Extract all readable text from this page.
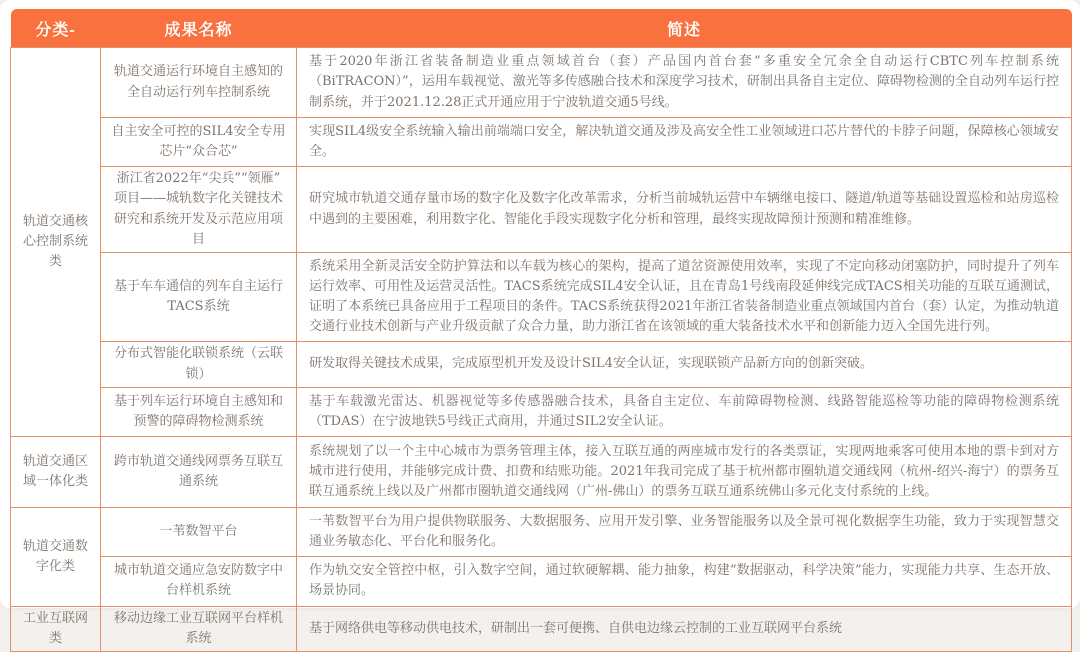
分类-	成果名称	简述
轨道交通核心控制系统类	轨道交通运行环境自主感知的全自动运行列车控制系统	基于2020年浙江省装备制造业重点领域首台（套）产品国内首台套“多重安全冗余全自动运行CBTC列车控制系统（BiTRACON）”，运用车载视觉、激光等多传感融合技术和深度学习技术，研制出具备自主定位、障碍物检测的全自动列车运行控制系统，并于2021.12.28正式开通应用于宁波轨道交通5号线。
	自主安全可控的SIL4安全专用芯片“众合芯”	实现SIL4级安全系统输入输出前端端口安全，解决轨道交通及涉及高安全性工业领域进口芯片替代的卡脖子问题，保障核心领域安全。
	浙江省2022年“尖兵”“领雁”项目——城轨数字化关键技术研究和系统开发及示范应用项目	研究城市轨道交通存量市场的数字化及数字化改革需求，分析当前城轨运营中车辆继电接口、隧道/轨道等基础设置巡检和站房巡检中遇到的主要困难，利用数字化、智能化手段实现数字化分析和管理，最终实现故障预计预测和精准维修。
	基于车车通信的列车自主运行TACS系统	系统采用全新灵活安全防护算法和以车载为核心的架构，提高了道岔资源使用效率，实现了不定向移动闭塞防护，同时提升了列车运行效率、可用性及运营灵活性。TACS系统完成SIL4安全认证，且在青岛1号线南段延伸线完成TACS相关功能的互联互通测试，证明了本系统已具备应用于工程项目的条件。TACS系统获得2021年浙江省装备制造业重点领域国内首台（套）认定，为推动轨道交通行业技术创新与产业升级贡献了众合力量，助力浙江省在该领域的重大装备技术水平和创新能力迈入全国先进行列。
	分布式智能化联锁系统（云联锁）	研发取得关键技术成果，完成原型机开发及设计SIL4安全认证，实现联锁产品新方向的创新突破。
	基于列车运行环境自主感知和预警的障碍物检测系统	基于车载激光雷达、机器视觉等多传感器融合技术，具备自主定位、车前障碍物检测、线路智能巡检等功能的障碍物检测系统（TDAS）在宁波地铁5号线正式商用，并通过SIL2安全认证。
轨道交通区域一体化类	跨市轨道交通线网票务互联互通系统	系统规划了以一个主中心城市为票务管理主体，接入互联互通的两座城市发行的各类票证，实现两地乘客可使用本地的票卡到对方城市进行使用，并能够完成计费、扣费和结账功能。2021年我司完成了基于杭州都市圈轨道交通线网（杭州-绍兴-海宁）的票务互联互通系统上线以及广州都市圈轨道交通线网（广州-佛山）的票务互联互通系统佛山多元化支付系统的上线。
轨道交通数字化类	一苇数智平台	一苇数智平台为用户提供物联服务、大数据服务、应用开发引擎、业务智能服务以及全景可视化数据孪生功能，致力于实现智慧交通业务敏态化、平台化和服务化。
	城市轨道交通应急安防数字中台样机系统	作为轨交安全管控中枢，引入数字空间，通过软硬解耦、能力抽象，构建“数据驱动，科学决策”能力，实现能力共享、生态开放、场景协同。
工业互联网类	移动边缘工业互联网平台样机系统	基于网络供电等移动供电技术，研制出一套可便携、自供电边缘云控制的工业互联网平台系统
